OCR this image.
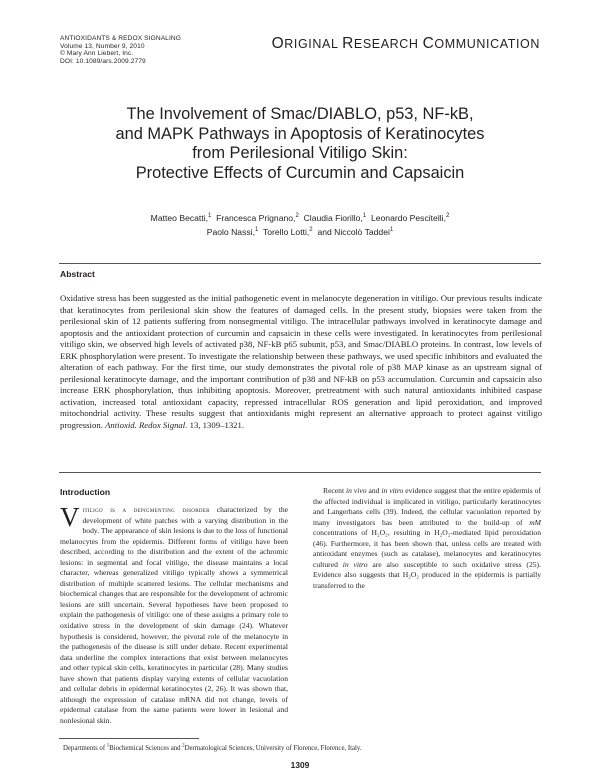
ANTIOXIDANTS & REDOX SIGNALING
Volume 13, Number 9, 2010
© Mary Ann Liebert, Inc.
DOI: 10.1089/ars.2009.2779
ORIGINAL RESEARCH COMMUNICATION
The Involvement of Smac/DIABLO, p53, NF-kB,
and MAPK Pathways in Apoptosis of Keratinocytes
from Perilesional Vitiligo Skin:
Protective Effects of Curcumin and Capsaicin
Matteo Becatti,$^1$ Francesca Prignano,$^2$ Claudia Fiorillo,$^1$ Leonardo Pescitelli,$^2$
Paolo Nassi,$^1$ Torello Lotti,$^2$ and Niccolò Taddei$^1$
Abstract

Oxidative stress has been suggested as the initial pathogenetic event in melanocyte degeneration in vitiligo. Our previous results indicate that keratinocytes from perilesional skin show the features of damaged cells. In the present study, biopsies were taken from the perilesional skin of 12 patients suffering from nonsegmental vitiligo. The intracellular pathways involved in keratinocyte damage and apoptosis and the antioxidant protection of curcumin and capsaicin in these cells were investigated. In keratinocytes from perilesional vitiligo skin, we observed high levels of activated p38, NF-kB p65 subunit, p53, and Smac/DIABLO proteins. In contrast, low levels of ERK phosphorylation were present. To investigate the relationship between these pathways, we used specific inhibitors and evaluated the alteration of each pathway. For the first time, our study demonstrates the pivotal role of p38 MAP kinase as an upstream signal of perilesional keratinocyte damage, and the important contribution of p38 and NF-kB on p53 accumulation. Curcumin and capsaicin also increase ERK phosphorylation, thus inhibiting apoptosis. Moreover, pretreatment with such natural antioxidants inhibited caspase activation, increased total antioxidant capacity, repressed intracellular ROS generation and lipid peroxidation, and improved mitochondrial activity. These results suggest that antioxidants might represent an alternative approach to protect against vitiligo progression. Antioxid. Redox Signal. 13, 1309–1321.

Introduction

Vitiligo is a depigmenting disorder characterized by the development of white patches with a varying distribution in the body. The appearance of skin lesions is due to the loss of functional melanocytes from the epidermis. Different forms of vitiligo have been described, according to the distribution and the extent of the achromic lesions: in segmental and focal vitiligo, the disease maintains a local character, whereas generalized vitiligo typically shows a symmetrical distribution of multiple scattered lesions. The cellular mechanisms and biochemical changes that are responsible for the development of achromic lesions are still uncertain. Several hypotheses have been proposed to explain the pathogenesis of vitiligo: one of these assigns a primary role to oxidative stress in the development of skin damage (24). Whatever hypothesis is considered, however, the pivotal role of the melanocyte in the pathogenesis of the disease is still under debate. Recent experimental data underline the complex interactions that exist between melanocytes and other typical skin cells, keratinocytes in particular (28). Many studies have shown that patients display varying extents of cellular vacuolation and cellular debris in epidermal keratinocytes (2, 26). It was shown that, although the expression of catalase mRNA did not change, levels of epidermal catalase from the same patients were lower in lesional and nonlesional skin.

Recent in vivo and in vitro evidence suggest that the entire epidermis of the affected individual is implicated in vitiligo, particularly keratinocytes and Langerhans cells (39). Indeed, the cellular vacuolation reported by many investigators has been attributed to the build-up of mM concentrations of H₂O₂, resulting in H₂O₂-mediated lipid peroxidation (46). Furthermore, it has been shown that, unless cells are treated with antioxidant enzymes (such as catalase), melanocytes and keratinocytes cultured in vitro are also susceptible to such oxidative stress (25). Evidence also suggests that H₂O₂ produced in the epidermis is partially transferred to the

Departments of $^1$Biochemical Sciences and $^2$Dermatological Sciences, University of Florence, Florence, Italy.
1309
